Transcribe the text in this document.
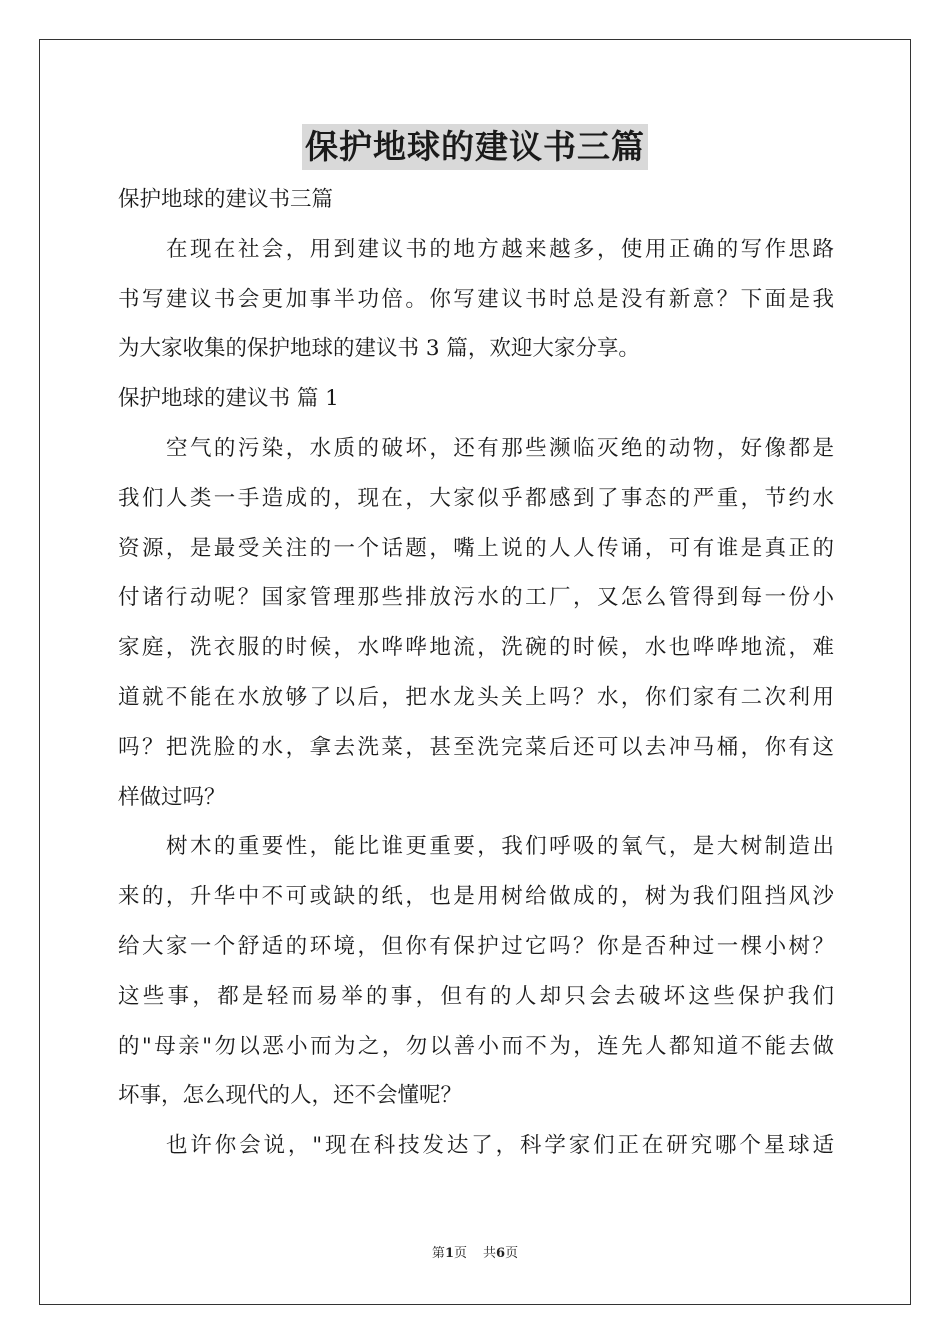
保护地球的建议书三篇
保护地球的建议书三篇
在现在社会，用到建议书的地方越来越多，使用正确的写作思路
书写建议书会更加事半功倍。你写建议书时总是没有新意？下面是我
为大家收集的保护地球的建议书 3 篇，欢迎大家分享。
保护地球的建议书 篇 1
空气的污染，水质的破坏，还有那些濒临灭绝的动物，好像都是
我们人类一手造成的，现在，大家似乎都感到了事态的严重，节约水
资源，是最受关注的一个话题，嘴上说的人人传诵，可有谁是真正的
付诸行动呢？国家管理那些排放污水的工厂，又怎么管得到每一份小
家庭，洗衣服的时候，水哗哗地流，洗碗的时候，水也哗哗地流，难
道就不能在水放够了以后，把水龙头关上吗？水，你们家有二次利用
吗？把洗脸的水，拿去洗菜，甚至洗完菜后还可以去冲马桶，你有这
样做过吗？
树木的重要性，能比谁更重要，我们呼吸的氧气，是大树制造出
来的，升华中不可或缺的纸，也是用树给做成的，树为我们阻挡风沙
给大家一个舒适的环境，但你有保护过它吗？你是否种过一棵小树？
这些事，都是轻而易举的事，但有的人却只会去破坏这些保护我们
的"母亲"勿以恶小而为之，勿以善小而不为，连先人都知道不能去做
坏事，怎么现代的人，还不会懂呢？
也许你会说，"现在科技发达了，科学家们正在研究哪个星球适
第1页 共6页
